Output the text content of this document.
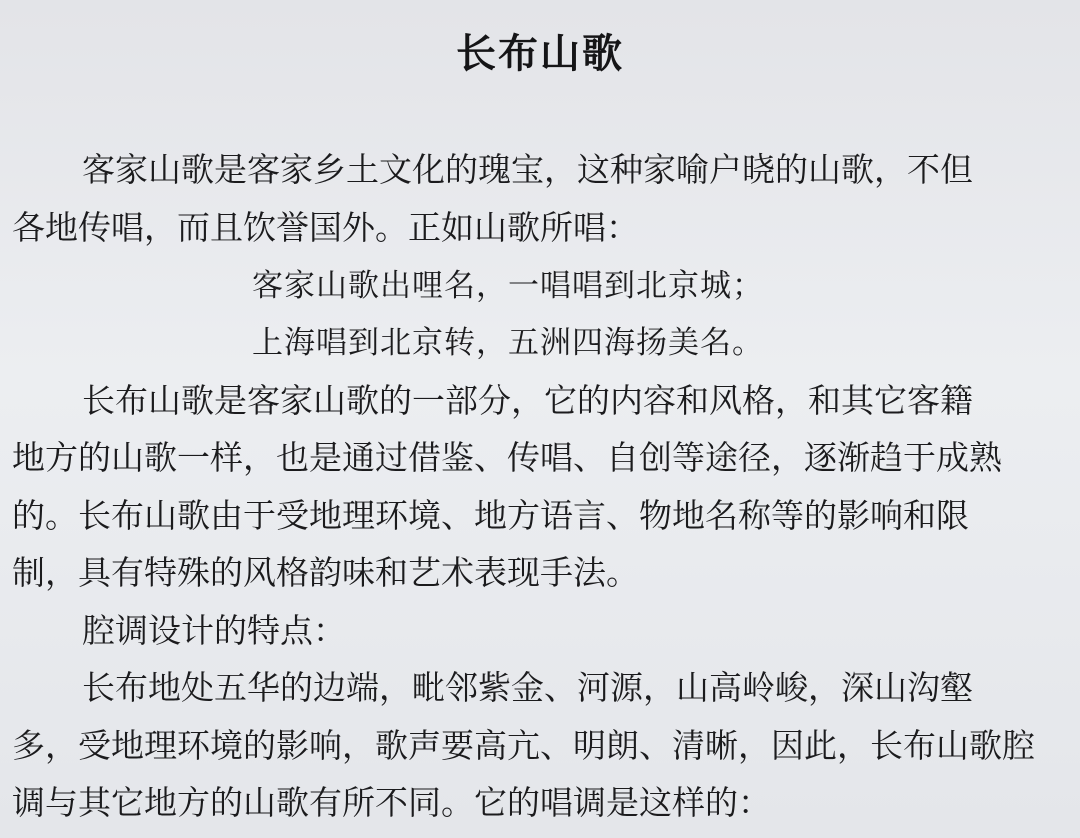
长布山歌
客家山歌是客家乡土文化的瑰宝，这种家喻户晓的山歌，不但
各地传唱，而且饮誉国外。正如山歌所唱：
客家山歌出哩名，一唱唱到北京城；
上海唱到北京转，五洲四海扬美名。
长布山歌是客家山歌的一部分，它的内容和风格，和其它客籍
地方的山歌一样，也是通过借鉴、传唱、自创等途径，逐渐趋于成熟
的。长布山歌由于受地理环境、地方语言、物地名称等的影响和限
制，具有特殊的风格韵味和艺术表现手法。
腔调设计的特点：
长布地处五华的边端，毗邻紫金、河源，山高岭峻，深山沟壑
多，受地理环境的影响，歌声要高亢、明朗、清晰，因此，长布山歌腔
调与其它地方的山歌有所不同。它的唱调是这样的：
